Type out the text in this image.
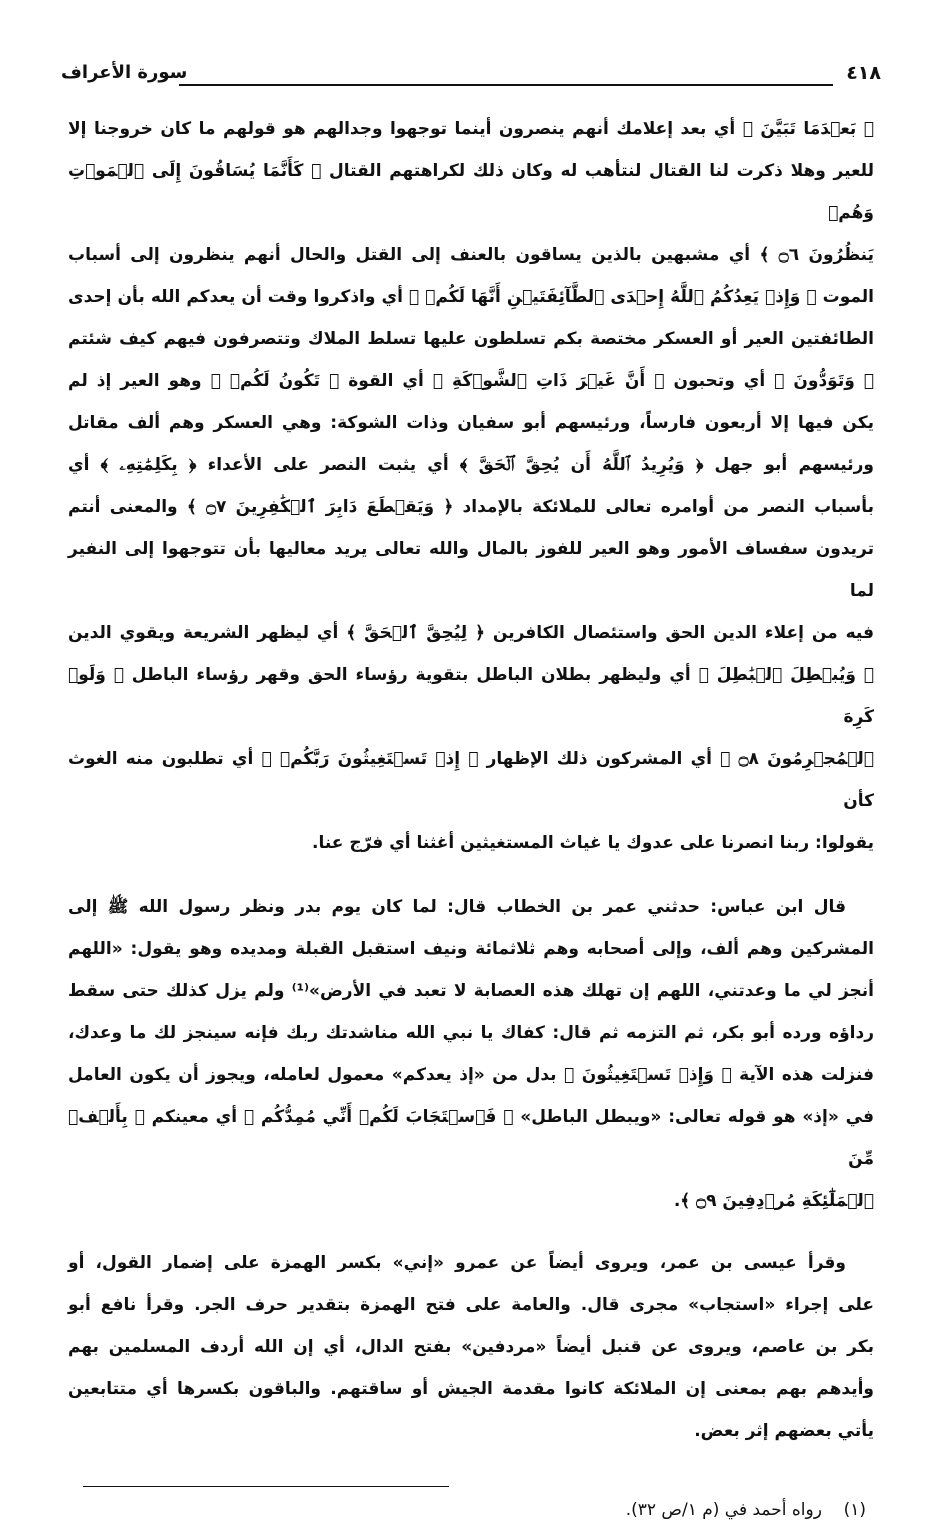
٤١٨
سورة الأعراف
﴿ بَعۡدَمَا تَبَيَّنَ ﴾ أي بعد إعلامك أنهم ينصرون أينما توجهوا وجدالهم هو قولهم ما كان خروجنا إلا
للعير وهلا ذكرت لنا القتال لنتأهب له وكان ذلك لكراهتهم القتال ﴿ كَأَنَّمَا يُسَاقُونَ إِلَى ٱلۡمَوۡتِ وَهُمۡ
يَنظُرُونَ ۝٦ ﴾ أي مشبهين بالذين يساقون بالعنف إلى القتل والحال أنهم ينظرون إلى أسباب
الموت ﴿ وَإِذۡ يَعِدُكُمُ ٱللَّهُ إِحۡدَى ٱلطَّآئِفَتَيۡنِ أَنَّهَا لَكُمۡ ﴾ أي واذكروا وقت أن يعدكم الله بأن إحدى
الطائفتين العير أو العسكر مختصة بكم تسلطون عليها تسلط الملاك وتتصرفون فيهم كيف شئتم
﴿ وَتَوَدُّونَ ﴾ أي وتحبون ﴿ أَنَّ غَيۡرَ ذَاتِ ٱلشَّوۡكَةِ ﴾ أي القوة ﴿ تَكُونُ لَكُمۡ ﴾ وهو العير إذ لم
يكن فيها إلا أربعون فارساً، ورئيسهم أبو سفيان وذات الشوكة: وهي العسكر وهم ألف مقاتل
ورئيسهم أبو جهل ﴿ وَيُرِيدُ ٱللَّهُ أَن يُحِقَّ ٱلۡحَقَّ ﴾ أي يثبت النصر على الأعداء ﴿ بِكَلِمَٰتِهِۦ ﴾ أي
بأسباب النصر من أوامره تعالى للملائكة بالإمداد ﴿ وَيَقۡطَعَ دَابِرَ ٱلۡكَٰفِرِينَ ۝٧ ﴾ والمعنى أنتم
تريدون سفساف الأمور وهو العير للفوز بالمال والله تعالى يريد معاليها بأن تتوجهوا إلى النفير لما
فيه من إعلاء الدين الحق واستئصال الكافرين ﴿ لِيُحِقَّ ٱلۡحَقَّ ﴾ أي ليظهر الشريعة ويقوي الدين
﴿ وَيُبۡطِلَ ٱلۡبَٰطِلَ ﴾ أي وليظهر بطلان الباطل بتقوية رؤساء الحق وقهر رؤساء الباطل ﴿ وَلَوۡ كَرِهَ
ٱلۡمُجۡرِمُونَ ۝٨ ﴾ أي المشركون ذلك الإظهار ﴿ إِذۡ تَسۡتَغِيثُونَ رَبَّكُمۡ ﴾ أي تطلبون منه الغوث كأن
يقولوا: ربنا انصرنا على عدوك يا غياث المستغيثين أغثنا أي فرّج عنا.
قال ابن عباس: حدثني عمر بن الخطاب قال: لما كان يوم بدر ونظر رسول الله ﷺ إلى
المشركين وهم ألف، وإلى أصحابه وهم ثلاثمائة ونيف استقبل القبلة ومديده وهو يقول: «اللهم
أنجز لي ما وعدتني، اللهم إن تهلك هذه العصابة لا تعبد في الأرض»⁽¹⁾ ولم يزل كذلك حتى سقط
رداؤه ورده أبو بكر، ثم التزمه ثم قال: كفاك يا نبي الله مناشدتك ربك فإنه سينجز لك ما وعدك،
فنزلت هذه الآية ﴿ وَإِذۡ تَسۡتَغِيثُونَ ﴾ بدل من «إذ يعدكم» معمول لعامله، ويجوز أن يكون العامل
في «إذ» هو قوله تعالى: «ويبطل الباطل» ﴿ فَٱسۡتَجَابَ لَكُمۡ أَنِّي مُمِدُّكُم ﴾ أي معينكم ﴿ بِأَلۡفٖ مِّنَ
ٱلۡمَلَٰٓئِكَةِ مُرۡدِفِينَ ۝٩ ﴾.
وقرأ عيسى بن عمر، ويروى أيضاً عن عمرو «إني» بكسر الهمزة على إضمار القول، أو
على إجراء «استجاب» مجرى قال. والعامة على فتح الهمزة بتقدير حرف الجر. وقرأ نافع أبو
بكر بن عاصم، ويروى عن قنبل أيضاً «مردفين» بفتح الدال، أي إن الله أردف المسلمين بهم
وأيدهم بهم بمعنى إن الملائكة كانوا مقدمة الجيش أو ساقتهم. والباقون بكسرها أي متتابعين
يأتي بعضهم إثر بعض.
(١)    رواه أحمد في (م ١/ص ٣٢).
